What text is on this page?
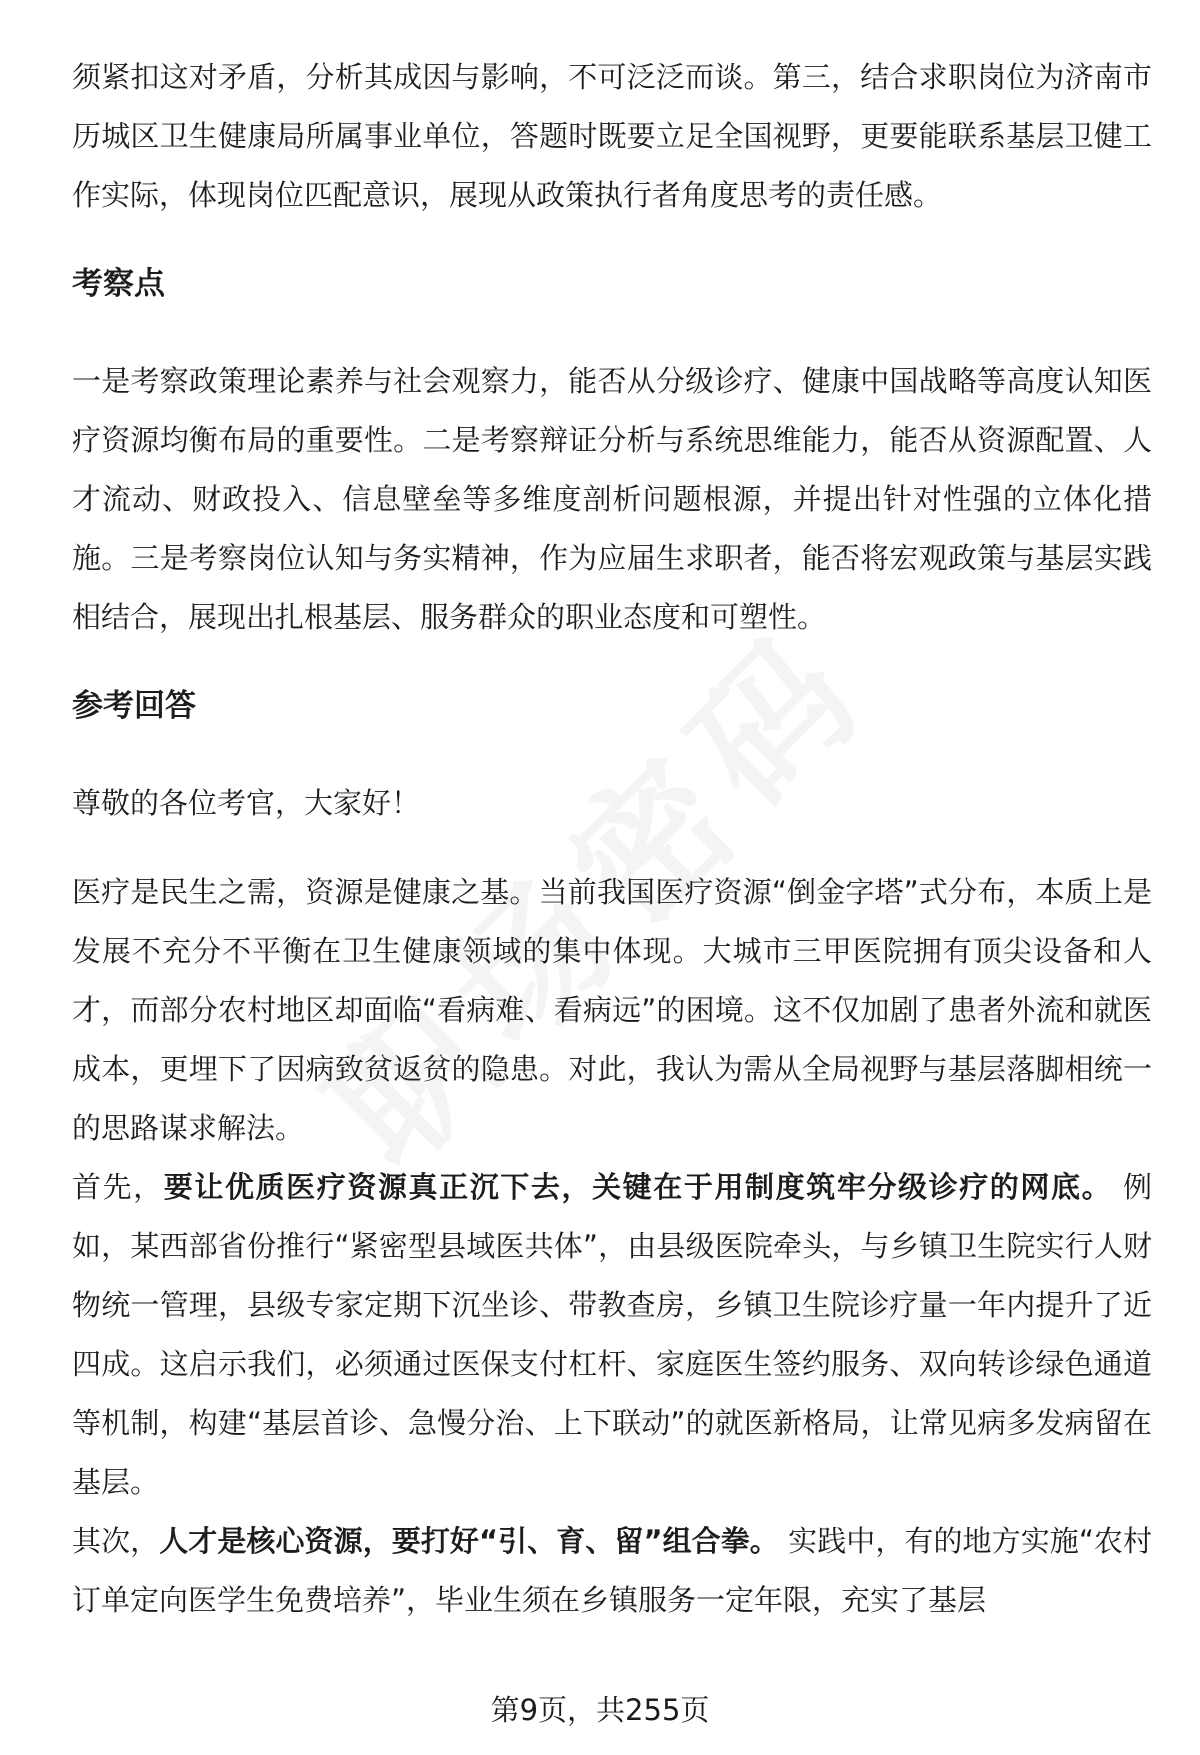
须紧扣这对矛盾，分析其成因与影响，不可泛泛而谈。第三，结合求职岗位为济南市历城区卫生健康局所属事业单位，答题时既要立足全国视野，更要能联系基层卫健工作实际，体现岗位匹配意识，展现从政策执行者角度思考的责任感。

考察点

一是考察政策理论素养与社会观察力，能否从分级诊疗、健康中国战略等高度认知医疗资源均衡布局的重要性。二是考察辩证分析与系统思维能力，能否从资源配置、人才流动、财政投入、信息壁垒等多维度剖析问题根源，并提出针对性强的立体化措施。三是考察岗位认知与务实精神，作为应届生求职者，能否将宏观政策与基层实践相结合，展现出扎根基层、服务群众的职业态度和可塑性。

参考回答

尊敬的各位考官，大家好！

医疗是民生之需，资源是健康之基。当前我国医疗资源“倒金字塔”式分布，本质上是发展不充分不平衡在卫生健康领域的集中体现。大城市三甲医院拥有顶尖设备和人才，而部分农村地区却面临“看病难、看病远”的困境。这不仅加剧了患者外流和就医成本，更埋下了因病致贫返贫的隐患。对此，我认为需从全局视野与基层落脚相统一的思路谋求解法。

首先，要让优质医疗资源真正沉下去，关键在于用制度筑牢分级诊疗的网底。 例如，某西部省份推行“紧密型县域医共体”，由县级医院牵头，与乡镇卫生院实行人财物统一管理，县级专家定期下沉坐诊、带教查房，乡镇卫生院诊疗量一年内提升了近四成。这启示我们，必须通过医保支付杠杆、家庭医生签约服务、双向转诊绿色通道等机制，构建“基层首诊、急慢分治、上下联动”的就医新格局，让常见病多发病留在基层。

其次，人才是核心资源，要打好“引、育、留”组合拳。 实践中，有的地方实施“农村订单定向医学生免费培养”，毕业生须在乡镇服务一定年限，充实了基层

第9页，共255页
